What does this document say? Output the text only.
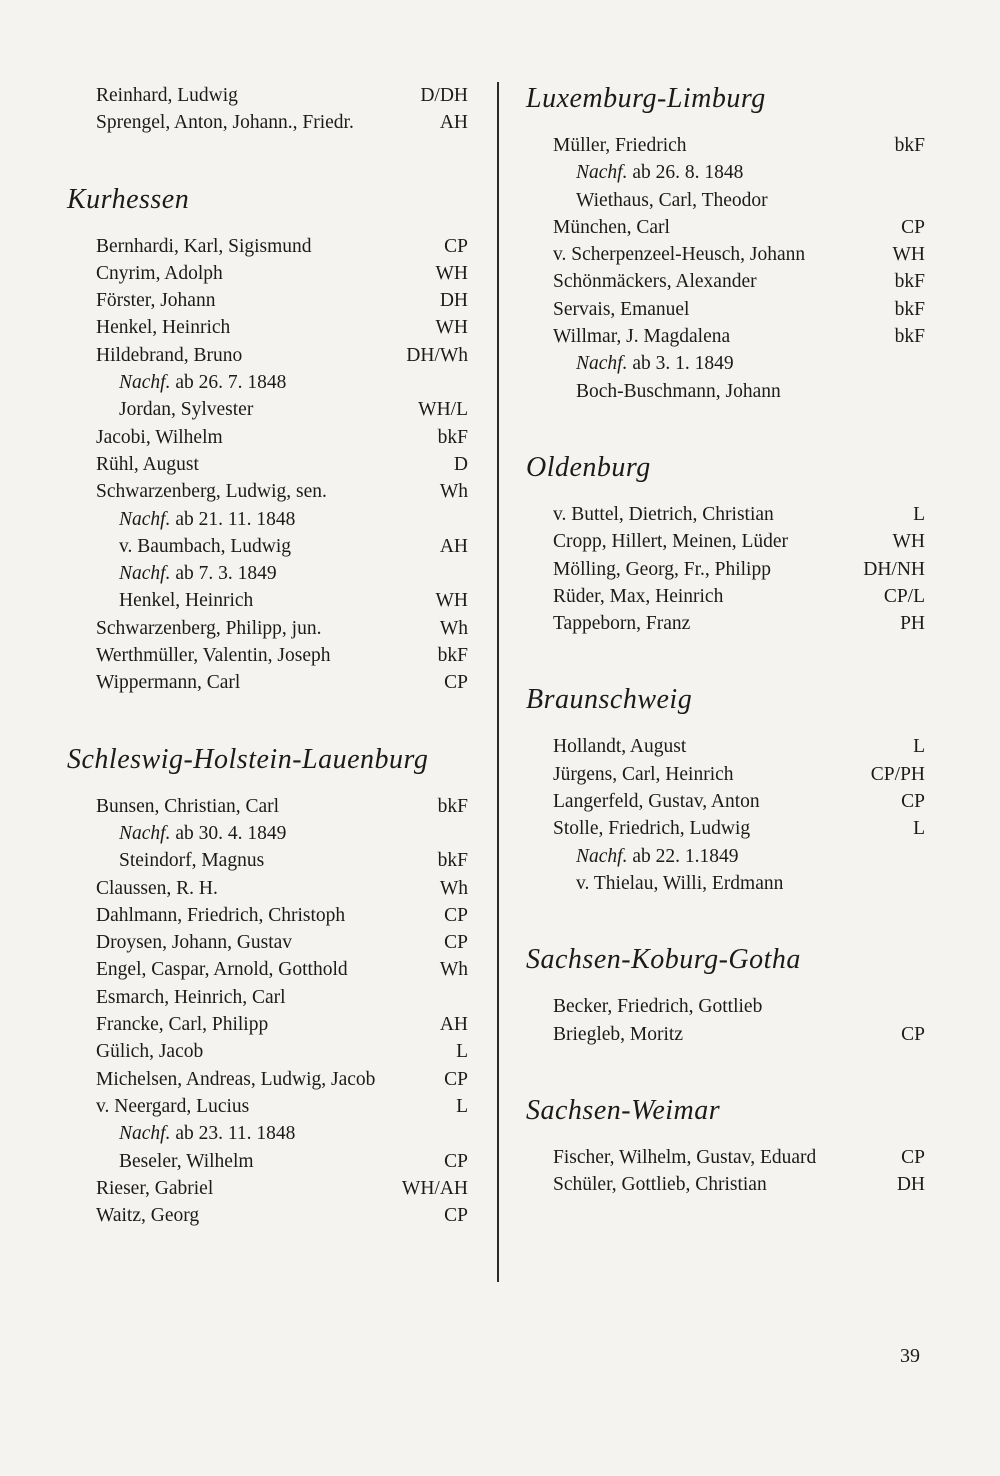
Reinhard, Ludwig	D/DH
Sprengel, Anton, Johann., Friedr.	AH
Kurhessen
Bernhardi, Karl, Sigismund	CP
Cnyrim, Adolph	WH
Förster, Johann	DH
Henkel, Heinrich	WH
Hildebrand, Bruno	DH/Wh
Nachf. ab 26. 7. 1848
Jordan, Sylvester	WH/L
Jacobi, Wilhelm	bkF
Rühl, August	D
Schwarzenberg, Ludwig, sen.	Wh
Nachf. ab 21. 11. 1848
v. Baumbach, Ludwig	AH
Nachf. ab 7. 3. 1849
Henkel, Heinrich	WH
Schwarzenberg, Philipp, jun.	Wh
Werthmüller, Valentin, Joseph	bkF
Wippermann, Carl	CP
Schleswig-Holstein-Lauenburg
Bunsen, Christian, Carl	bkF
Nachf. ab 30. 4. 1849
Steindorf, Magnus	bkF
Claussen, R. H.	Wh
Dahlmann, Friedrich, Christoph	CP
Droysen, Johann, Gustav	CP
Engel, Caspar, Arnold, Gotthold	Wh
Esmarch, Heinrich, Carl
Francke, Carl, Philipp	AH
Gülich, Jacob	L
Michelsen, Andreas, Ludwig, Jacob	CP
v. Neergard, Lucius	L
Nachf. ab 23. 11. 1848
Beseler, Wilhelm	CP
Rieser, Gabriel	WH/AH
Waitz, Georg	CP
Luxemburg-Limburg
Müller, Friedrich	bkF
Nachf. ab 26. 8. 1848
Wiethaus, Carl, Theodor
München, Carl	CP
v. Scherpenzeel-Heusch, Johann	WH
Schönmäckers, Alexander	bkF
Servais, Emanuel	bkF
Willmar, J. Magdalena	bkF
Nachf. ab 3. 1. 1849
Boch-Buschmann, Johann
Oldenburg
v. Buttel, Dietrich, Christian	L
Cropp, Hillert, Meinen, Lüder	WH
Mölling, Georg, Fr., Philipp	DH/NH
Rüder, Max, Heinrich	CP/L
Tappeborn, Franz	PH
Braunschweig
Hollandt, August	L
Jürgens, Carl, Heinrich	CP/PH
Langerfeld, Gustav, Anton	CP
Stolle, Friedrich, Ludwig	L
Nachf. ab 22. 1.1849
v. Thielau, Willi, Erdmann
Sachsen-Koburg-Gotha
Becker, Friedrich, Gottlieb
Briegleb, Moritz	CP
Sachsen-Weimar
Fischer, Wilhelm, Gustav, Eduard	CP
Schüler, Gottlieb, Christian	DH
39
